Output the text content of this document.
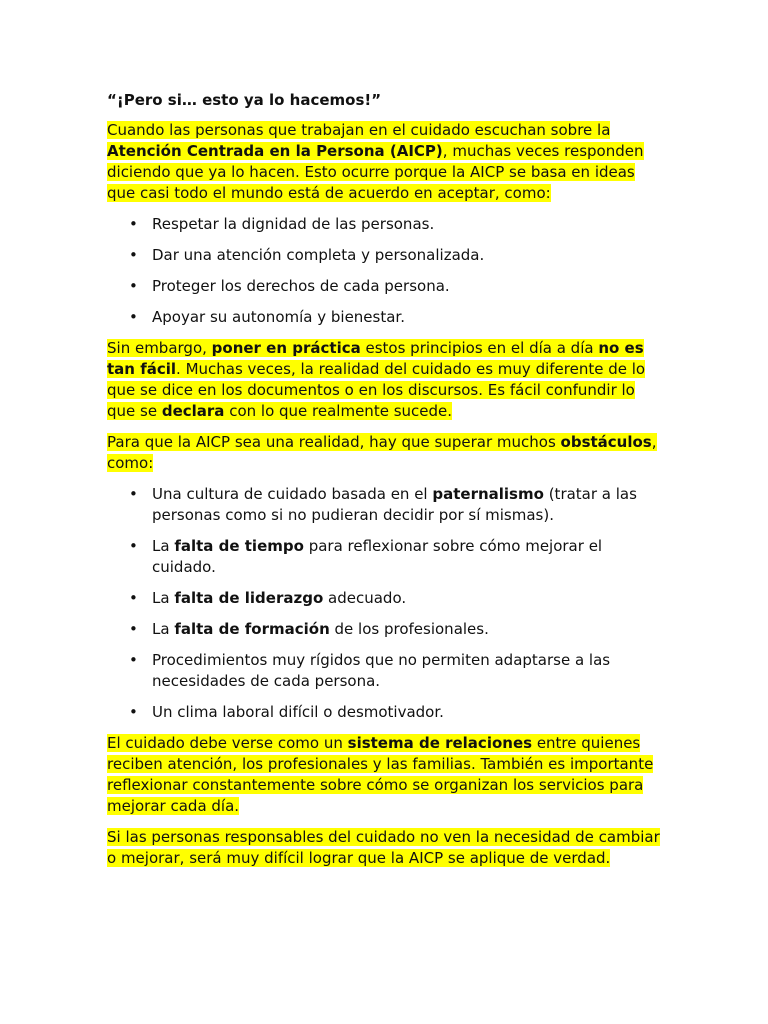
“¡Pero si… esto ya lo hacemos!”

Cuando las personas que trabajan en el cuidado escuchan sobre la Atención Centrada en la Persona (AICP), muchas veces responden diciendo que ya lo hacen. Esto ocurre porque la AICP se basa en ideas que casi todo el mundo está de acuerdo en aceptar, como:

• Respetar la dignidad de las personas.
• Dar una atención completa y personalizada.
• Proteger los derechos de cada persona.
• Apoyar su autonomía y bienestar.

Sin embargo, poner en práctica estos principios en el día a día no es tan fácil. Muchas veces, la realidad del cuidado es muy diferente de lo que se dice en los documentos o en los discursos. Es fácil confundir lo que se declara con lo que realmente sucede.

Para que la AICP sea una realidad, hay que superar muchos obstáculos, como:

• Una cultura de cuidado basada en el paternalismo (tratar a las personas como si no pudieran decidir por sí mismas).
• La falta de tiempo para reflexionar sobre cómo mejorar el cuidado.
• La falta de liderazgo adecuado.
• La falta de formación de los profesionales.
• Procedimientos muy rígidos que no permiten adaptarse a las necesidades de cada persona.
• Un clima laboral difícil o desmotivador.

El cuidado debe verse como un sistema de relaciones entre quienes reciben atención, los profesionales y las familias. También es importante reflexionar constantemente sobre cómo se organizan los servicios para mejorar cada día.

Si las personas responsables del cuidado no ven la necesidad de cambiar o mejorar, será muy difícil lograr que la AICP se aplique de verdad.
